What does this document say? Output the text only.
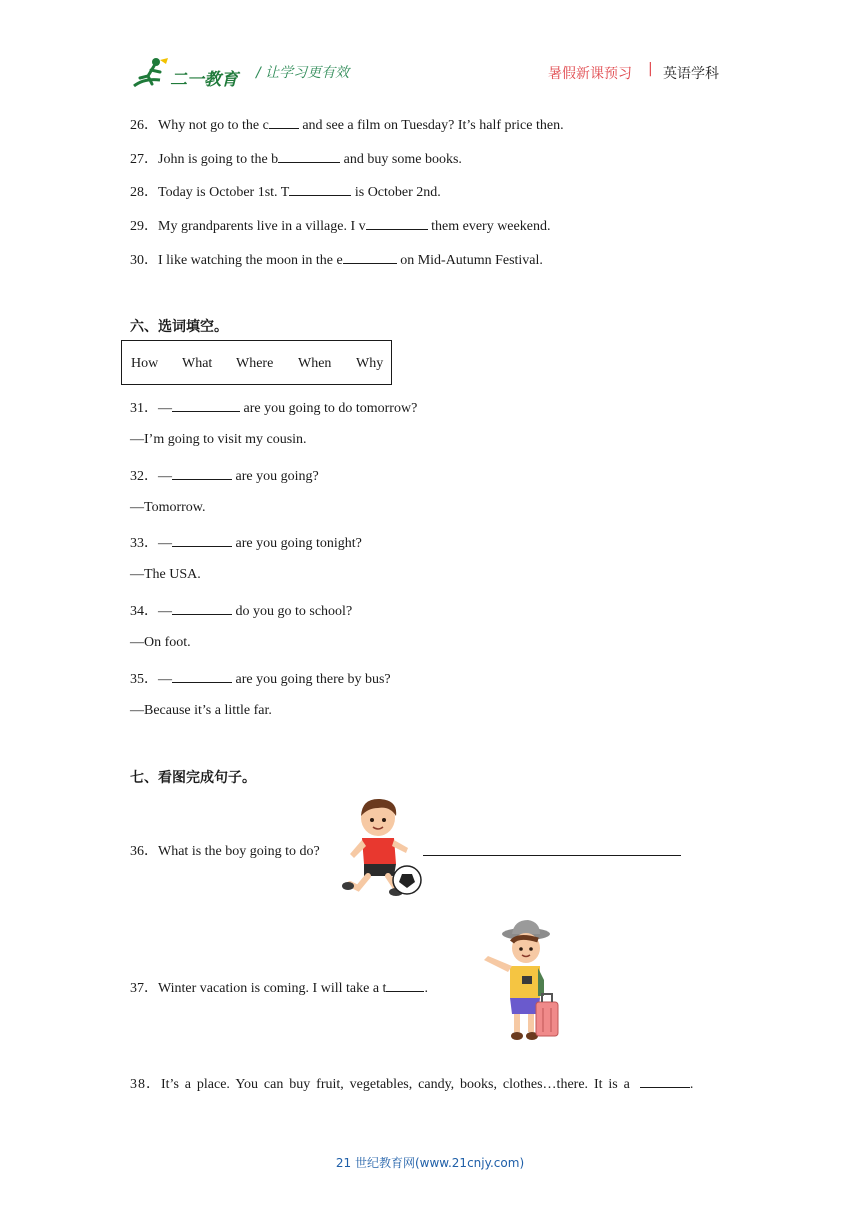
二一教育 / 让学习更有效	暑假新课预习 | 英语学科
26．Why not go to the c and see a film on Tuesday? It’s half price then.
27．John is going to the b	and buy some books.
28．Today is October 1st. T	is October 2nd.
29．My grandparents live in a village. I v	them every weekend.
30．I like watching the moon in the e	on Mid-Autumn Festival.
六、选词填空。
How What Where When Why
31．—	are you going to do tomorrow?
—I’m going to visit my cousin.
32．—	are you going?
—Tomorrow.
33．—	are you going tonight?
—The USA.
34．—	do you go to school?
—On foot.
35．—	are you going there by bus?
—Because it’s a little far.
七、看图完成句子。
36．What is the boy going to do?
37．Winter vacation is coming. I will take a t	.
38．It’s a place. You can buy fruit, vegetables, candy, books, clothes…there. It is a	.
21 世纪教育网(www.21cnjy.com)
